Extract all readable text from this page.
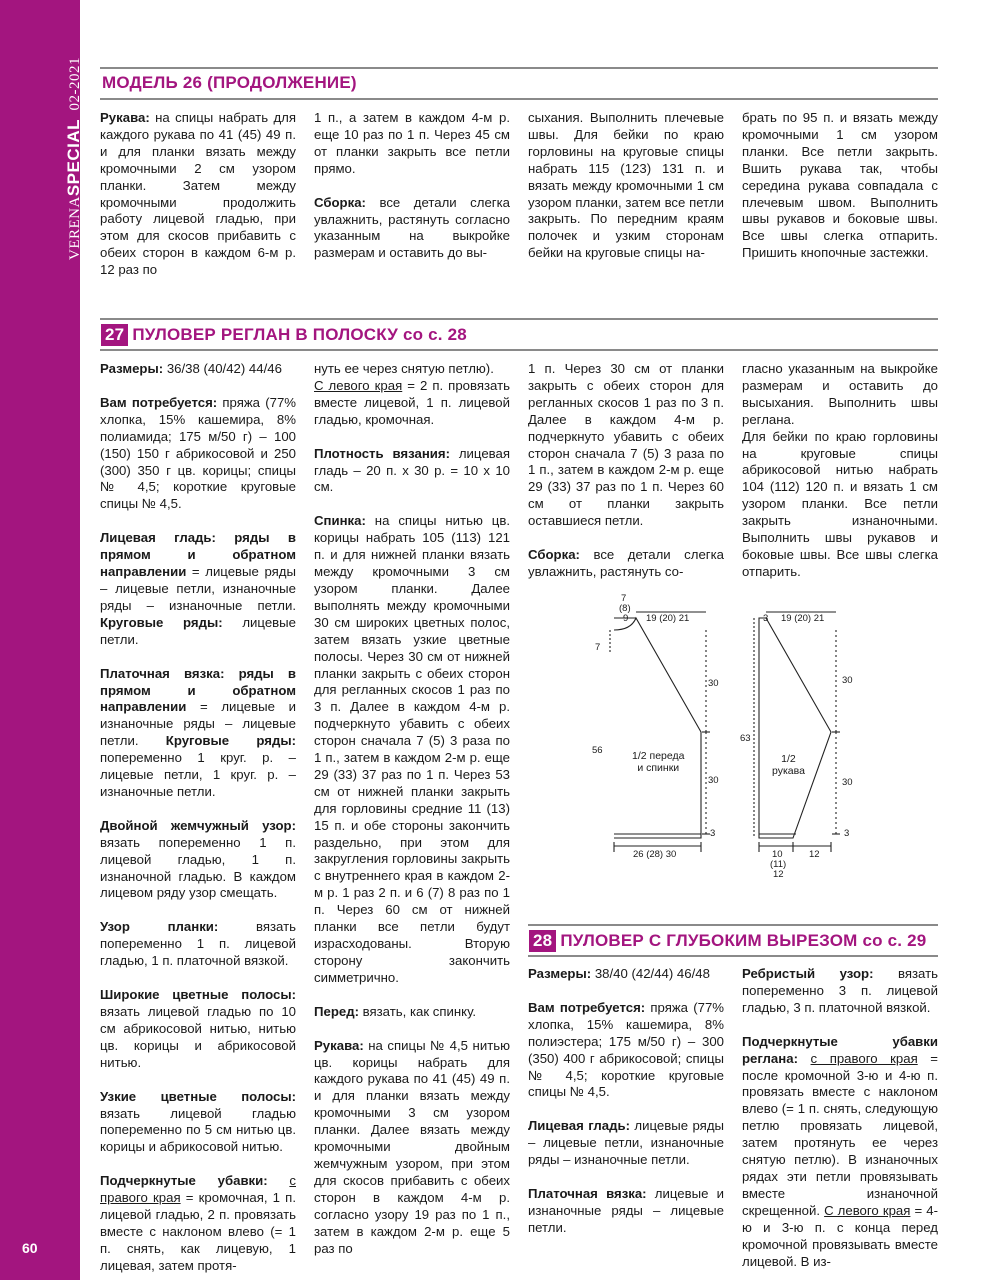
VERENASPECIAL  02-2021
60
МОДЕЛЬ 26 (ПРОДОЛЖЕНИЕ)

Рукава: на спицы набрать для каждого рукава по 41 (45) 49 п. и для планки вязать между кромочными 2 см узором планки. Затем между кромочными продолжить работу лицевой гладью, при этом для скосов прибавить с обеих сторон в каждом 6-м р. 12 раз по

1 п., а затем в каждом 4-м р. еще 10 раз по 1 п. Через 45 см от планки закрыть все петли прямо.

Сборка: все детали слегка увлажнить, растянуть согласно указанным на выкройке размерам и оставить до вы-

сыхания. Выполнить плечевые швы. Для бейки по краю горловины на круговые спицы набрать 115 (123) 131 п. и вязать между кромочными 1 см узором планки, затем все петли закрыть. По передним краям полочек и узким сторонам бейки на круговые спицы на-

брать по 95 п. и вязать между кромочными 1 см узором планки. Все петли закрыть. Вшить рукава так, чтобы середина рукава совпадала с плечевым швом. Выполнить швы рукавов и боковые швы. Все швы слегка отпарить. Пришить кнопочные застежки.

27 ПУЛОВЕР РЕГЛАН В ПОЛОСКУ со с. 28

Размеры: 36/38 (40/42) 44/46

Вам потребуется: пряжа (77% хлопка, 15% кашемира, 8% полиамида; 175 м/50 г) – 100 (150) 150 г абрикосовой и 250 (300) 350 г цв. корицы; спицы № 4,5; короткие круговые спицы № 4,5.

Лицевая гладь: ряды в прямом и обратном направлении = лицевые ряды – лицевые петли, изнаночные ряды – изнаночные петли. Круговые ряды: лицевые петли.

Платочная вязка: ряды в прямом и обратном направлении = лицевые и изнаночные ряды – лицевые петли. Круговые ряды: попеременно 1 круг. р. – лицевые петли, 1 круг. р. – изнаночные петли.

Двойной жемчужный узор: вязать попеременно 1 п. лицевой гладью, 1 п. изнаночной гладью. В каждом лицевом ряду узор смещать.

Узор планки: вязать попеременно 1 п. лицевой гладью, 1 п. платочной вязкой.

Широкие цветные полосы: вязать лицевой гладью по 10 см абрикосовой нитью, нитью цв. корицы и абрикосовой нитью.

Узкие цветные полосы: вязать лицевой гладью попеременно по 5 см нитью цв. корицы и абрикосовой нитью.

Подчеркнутые убавки: с правого края = кромочная, 1 п. лицевой гладью, 2 п. провязать вместе с наклоном влево (= 1 п. снять, как лицевую, 1 лицевая, затем протя-

нуть ее через снятую петлю).

С левого края = 2 п. провязать вместе лицевой, 1 п. лицевой гладью, кромочная.

Плотность вязания: лицевая гладь – 20 п. х 30 р. = 10 х 10 см.

Спинка: на спицы нитью цв. корицы набрать 105 (113) 121 п. и для нижней планки вязать между кромочными 3 см узором планки. Далее выполнять между кромочными 30 см широких цветных полос, затем вязать узкие цветные полосы. Через 30 см от нижней планки закрыть с обеих сторон для регланных скосов 1 раз по 3 п. Далее в каждом 4-м р. подчеркнуто убавить с обеих сторон сначала 7 (5) 3 раза по 1 п., затем в каждом 2-м р. еще 29 (33) 37 раз по 1 п. Через 53 см от нижней планки закрыть для горловины средние 11 (13) 15 п. и обе стороны закончить раздельно, при этом для закругления горловины закрыть с внутреннего края в каждом 2-м р. 1 раз 2 п. и 6 (7) 8 раз по 1 п. Через 60 см от нижней планки все петли будут израсходованы. Вторую сторону закончить симметрично.

Перед: вязать, как спинку.

Рукава: на спицы № 4,5 нитью цв. корицы набрать для каждого рукава по 41 (45) 49 п. и для планки вязать между кромочными 3 см узором планки. Далее вязать между кромочными двойным жемчужным узором, при этом для скосов прибавить с обеих сторон в каждом 4-м р. согласно узору 19 раз по 1 п., затем в каждом 2-м р. еще 5 раз по

1 п. Через 30 см от планки закрыть с обеих сторон для регланных скосов 1 раз по 3 п. Далее в каждом 4-м р. подчеркнуто убавить с обеих сторон сначала 7 (5) 3 раза по 1 п., затем в каждом 2-м р. еще 29 (33) 37 раз по 1 п. Через 60 см от планки закрыть оставшиеся петли.

Сборка: все детали слегка увлажнить, растянуть со-

гласно указанным на выкройке размерам и оставить до высыхания. Выполнить швы реглана.

Для бейки по краю горловины на круговые спицы абрикосовой нитью набрать 104 (112) 120 п. и вязать 1 см узором планки. Все петли закрыть изнаночными. Выполнить швы рукавов и боковые швы. Все швы слегка отпарить.

7
(8)
9 19 (20) 21
7
56
30
30
3
26 (28) 30
1/2 переда
и спинки
3 19 (20) 21
63
30
30
3
10
(11)
12
12
1/2
рукава
28 ПУЛОВЕР С ГЛУБОКИМ ВЫРЕЗОМ со с. 29

Размеры: 38/40 (42/44) 46/48

Вам потребуется: пряжа (77% хлопка, 15% кашемира, 8% полиэстера; 175 м/50 г) – 300 (350) 400 г абрикосовой; спицы № 4,5; короткие круговые спицы № 4,5.

Лицевая гладь: лицевые ряды – лицевые петли, изнаночные ряды – изнаночные петли.

Платочная вязка: лицевые и изнаночные ряды – лицевые петли.

Ребристый узор: вязать попеременно 3 п. лицевой гладью, 3 п. платочной вязкой.

Подчеркнутые убавки реглана: с правого края = после кромочной 3-ю и 4-ю п. провязать вместе с наклоном влево (= 1 п. снять, следующую петлю провязать лицевой, затем протянуть ее через снятую петлю). В изнаночных рядах эти петли провязывать вместе изнаночной скрещенной. С левого края = 4-ю и 3-ю п. с конца перед кромочной провязывать вместе лицевой. В из-
